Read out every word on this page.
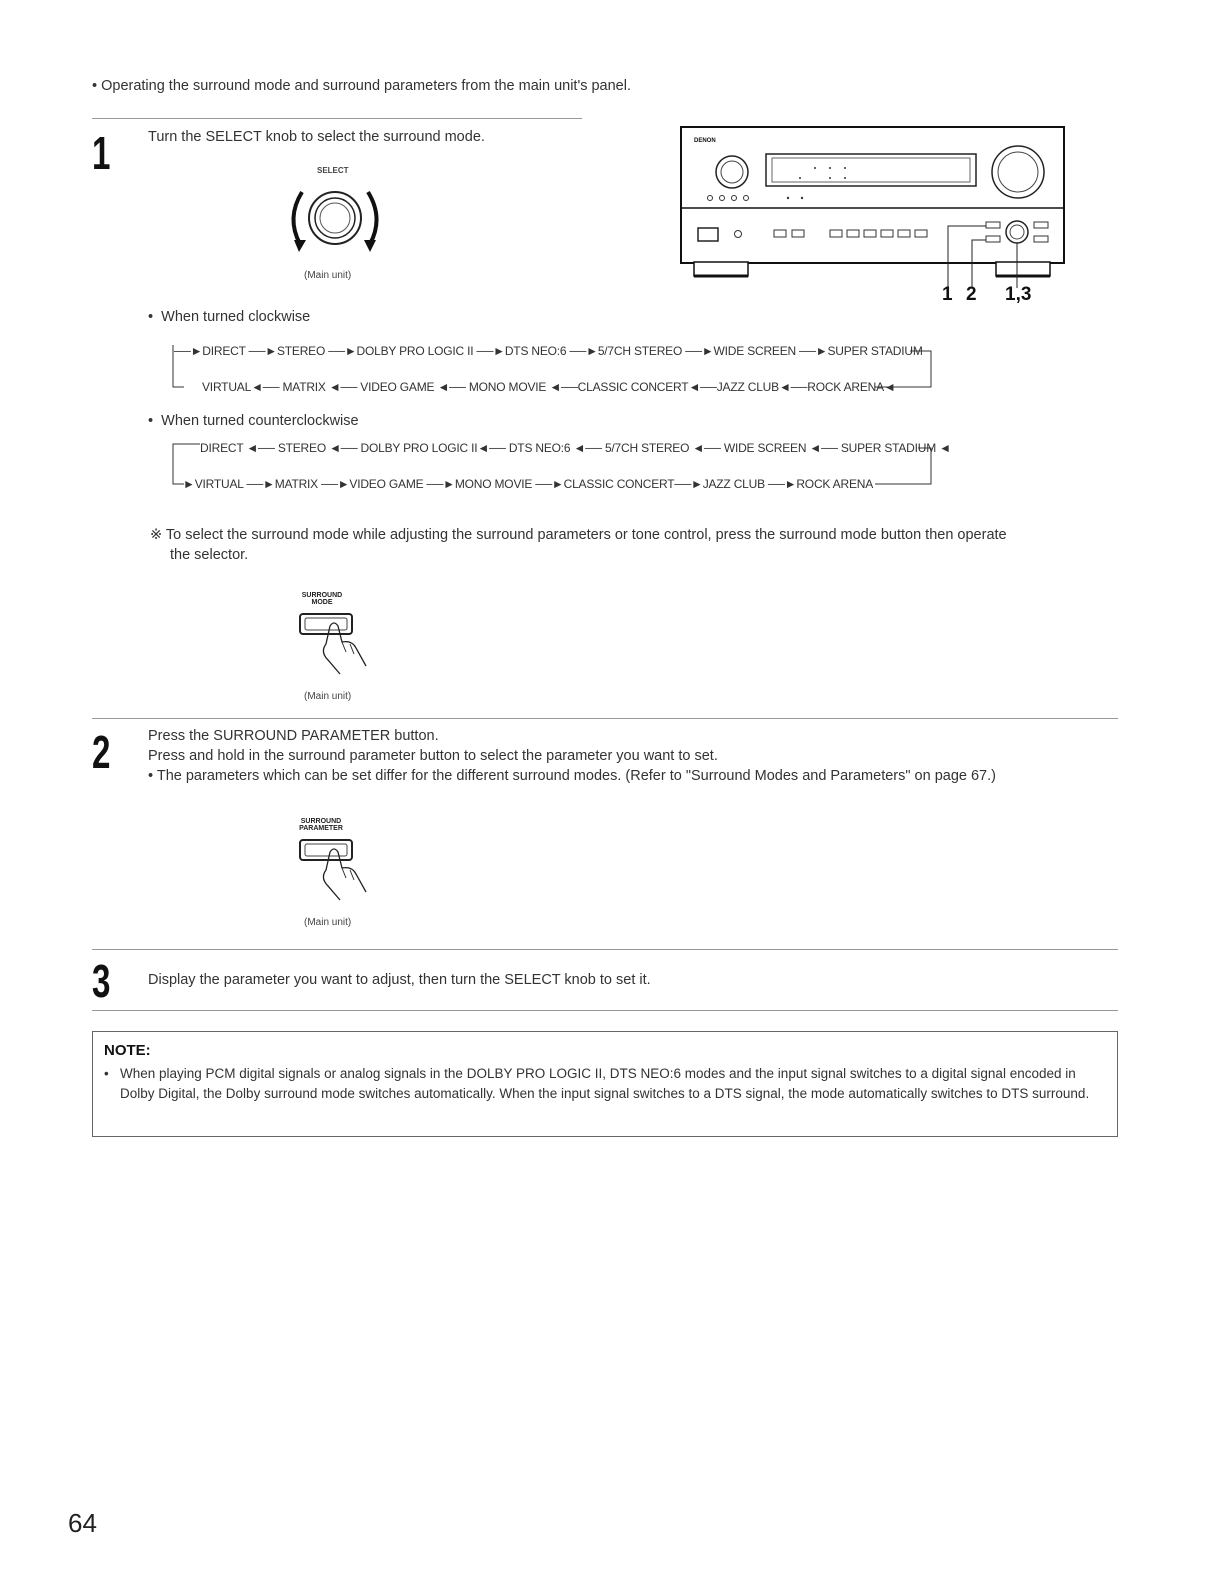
• Operating the surround mode and surround parameters from the main unit's panel.
1	Turn the SELECT knob to select the surround mode.
SELECT
(Main unit)
DENON
1 2 1,3
•  When turned clockwise
──►DIRECT ──►STEREO ──►DOLBY PRO LOGIC II ──►DTS NEO:6 ──►5/7CH STEREO ──►WIDE SCREEN ──►SUPER STADIUM
VIRTUAL◄── MATRIX ◄── VIDEO GAME ◄── MONO MOVIE ◄──CLASSIC CONCERT◄──JAZZ CLUB◄──ROCK ARENA◄
•  When turned counterclockwise
DIRECT ◄── STEREO ◄── DOLBY PRO LOGIC II◄── DTS NEO:6 ◄── 5/7CH STEREO ◄── WIDE SCREEN ◄── SUPER STADIUM ◄
►VIRTUAL ──►MATRIX ──►VIDEO GAME ──►MONO MOVIE ──►CLASSIC CONCERT──►JAZZ CLUB ──►ROCK ARENA
※ To select the surround mode while adjusting the surround parameters or tone control, press the surround mode button then operate
the selector.
SURROUND
MODE
(Main unit)
2	Press the SURROUND PARAMETER button.
Press and hold in the surround parameter button to select the parameter you want to set.
• The parameters which can be set differ for the different surround modes. (Refer to "Surround Modes and Parameters" on page 67.)
SURROUND
PARAMETER
(Main unit)
3	Display the parameter you want to adjust, then turn the SELECT knob to set it.
NOTE:
• When playing PCM digital signals or analog signals in the DOLBY PRO LOGIC II, DTS NEO:6 modes and the input signal switches to a digital signal encoded in Dolby Digital, the Dolby surround mode switches automatically. When the input signal switches to a DTS signal, the mode automatically switches to DTS surround.
64
